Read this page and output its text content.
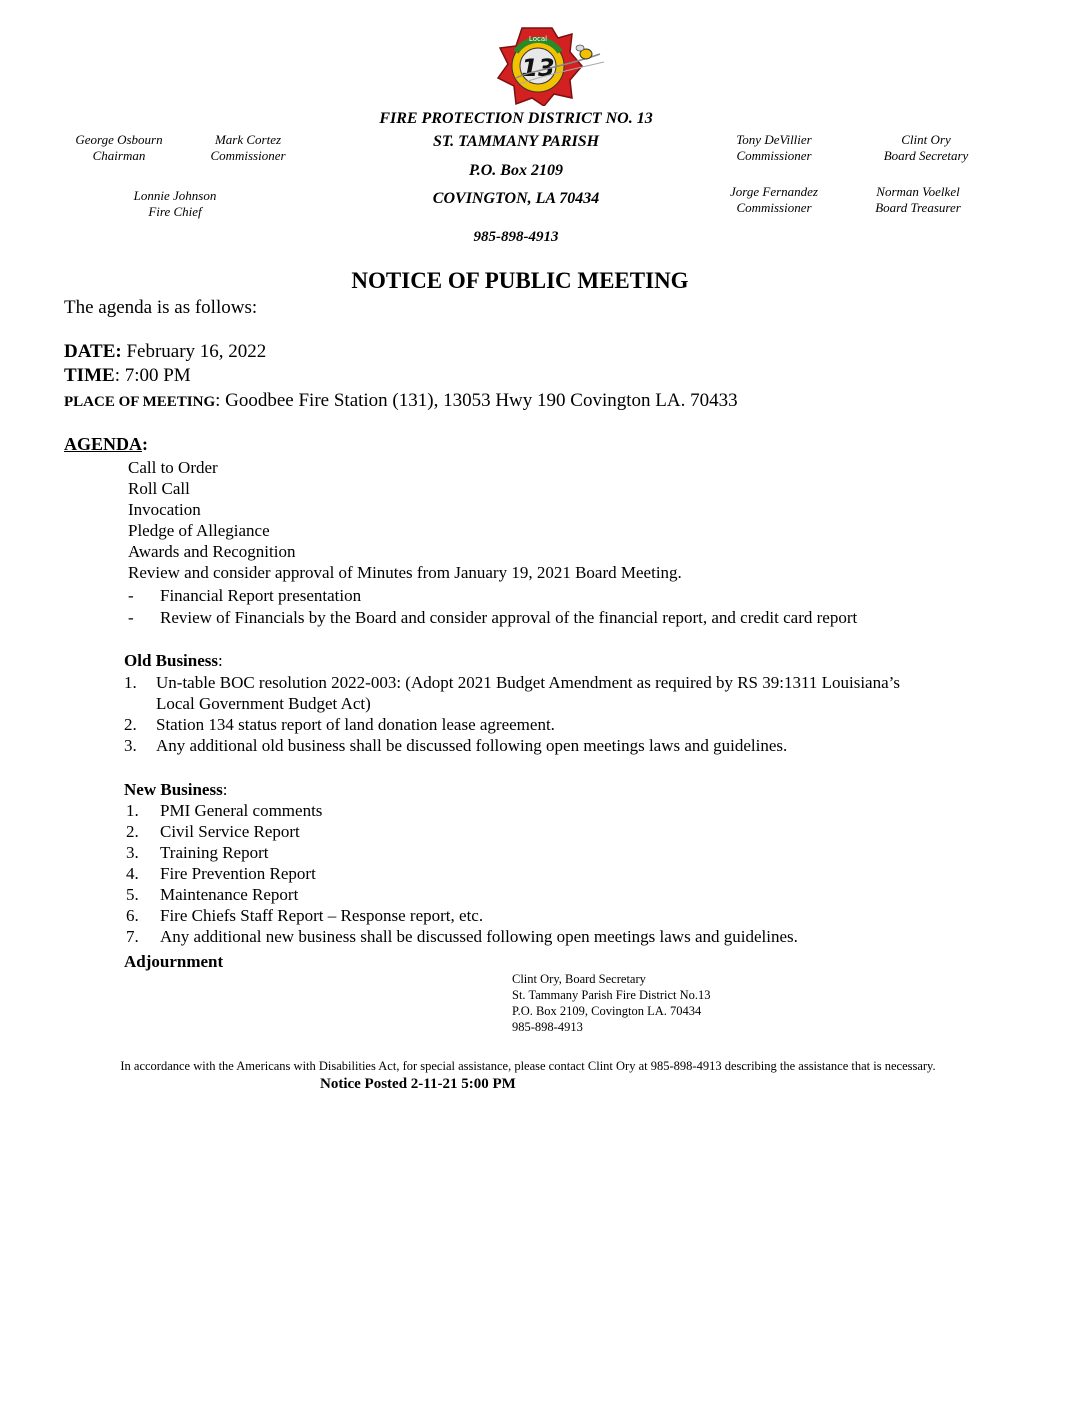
Local
13
George Osbourn
Chairman
Mark Cortez
Commissioner
Lonnie Johnson
Fire Chief
Tony DeVillier
Commissioner
Clint Ory
Board Secretary
Jorge Fernandez
Commissioner
Norman Voelkel
Board Treasurer
FIRE PROTECTION DISTRICT NO. 13
ST. TAMMANY PARISH
P.O. Box 2109
COVINGTON, LA 70434
985-898-4913
NOTICE OF PUBLIC MEETING
The agenda is as follows:
DATE: February 16, 2022
TIME: 7:00 PM
PLACE OF MEETING: Goodbee Fire Station (131), 13053 Hwy 190 Covington LA. 70433
AGENDA:
Call to Order
Roll Call
Invocation
Pledge of Allegiance
Awards and Recognition
Review and consider approval of Minutes from January 19, 2021 Board Meeting.
- Financial Report presentation
- Review of Financials by the Board and consider approval of the financial report, and credit card report
Old Business:
1. Un-table BOC resolution 2022-003: (Adopt 2021 Budget Amendment as required by RS 39:1311 Louisiana’s
Local Government Budget Act)
2. Station 134 status report of land donation lease agreement.
3. Any additional old business shall be discussed following open meetings laws and guidelines.
New Business:
1.
2.
3.
4.
5.
6.
7.
PMI General comments
Civil Service Report
Training Report
Fire Prevention Report
Maintenance Report
Fire Chiefs Staff Report – Response report, etc.
Any additional new business shall be discussed following open meetings laws and guidelines.
Adjournment
Clint Ory, Board Secretary
St. Tammany Parish Fire District No.13
P.O. Box 2109, Covington LA. 70434
985-898-4913
In accordance with the Americans with Disabilities Act, for special assistance, please contact Clint Ory at 985-898-4913 describing the assistance that is necessary.
Notice Posted 2-11-21 5:00 PM
